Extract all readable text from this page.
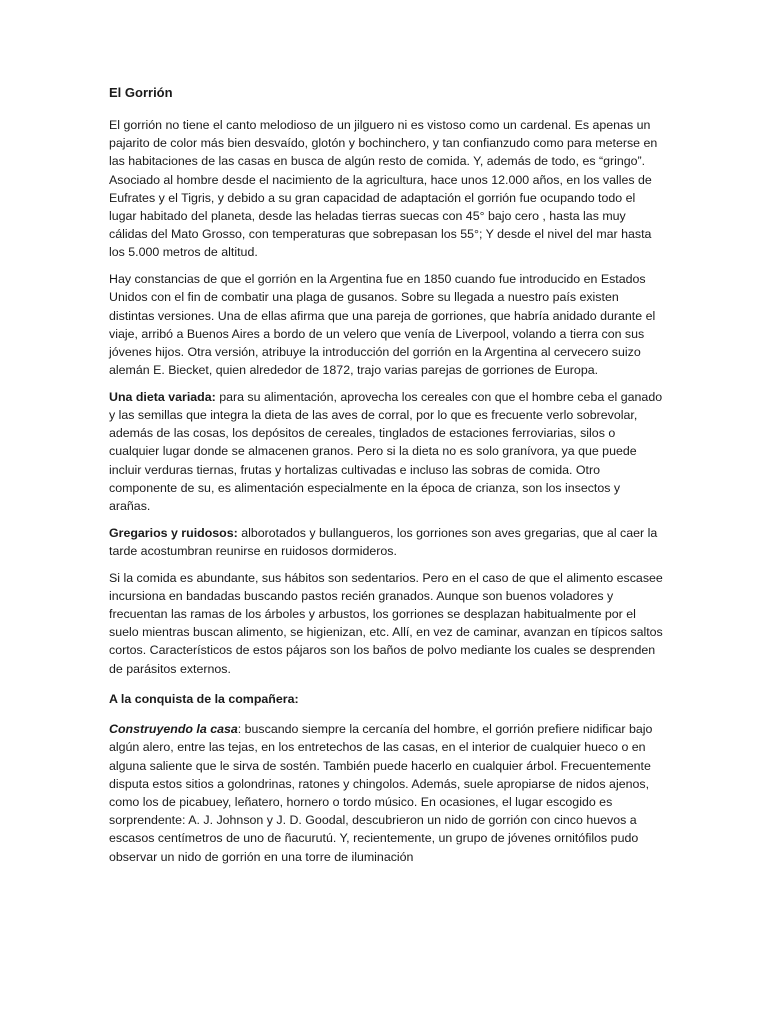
El Gorrión

El gorrión no tiene el canto melodioso de un jilguero ni es vistoso como un cardenal. Es apenas un pajarito de color más bien desvaído, glotón y bochinchero, y tan confianzudo como para meterse en las habitaciones de las casas en busca de algún resto de comida. Y, además de todo, es “gringo”. Asociado al hombre desde el nacimiento de la agricultura, hace unos 12.000 años, en los valles de Eufrates y el Tigris, y debido a su gran capacidad de adaptación el gorrión fue ocupando todo el lugar habitado del planeta, desde las heladas tierras suecas con 45° bajo cero , hasta las muy cálidas del Mato Grosso, con temperaturas que sobrepasan los 55°; Y desde el nivel del mar hasta los 5.000 metros de altitud.

Hay constancias de que el gorrión en la Argentina fue en 1850 cuando fue introducido en Estados Unidos con el fin de combatir una plaga de gusanos. Sobre su llegada a nuestro país existen distintas versiones. Una de ellas afirma que una pareja de gorriones, que habría anidado durante el viaje, arribó a Buenos Aires a bordo de un velero que venía de Liverpool, volando a tierra con sus jóvenes hijos. Otra versión, atribuye la introducción del gorrión en la Argentina al cervecero suizo alemán E. Biecket, quien alrededor de 1872, trajo varias parejas de gorriones de Europa.

Una dieta variada: para su alimentación, aprovecha los cereales con que el hombre ceba el ganado y las semillas que integra la dieta de las aves de corral, por lo que es frecuente verlo sobrevolar, además de las cosas, los depósitos de cereales, tinglados de estaciones ferroviarias, silos o cualquier lugar donde se almacenen granos. Pero si la dieta no es solo granívora, ya que puede incluir verduras tiernas, frutas y hortalizas cultivadas e incluso las sobras de comida. Otro componente de su, es alimentación especialmente en la época de crianza, son los insectos y arañas.

Gregarios y ruidosos: alborotados y bullangueros, los gorriones son aves gregarias, que al caer la tarde acostumbran reunirse en ruidosos dormideros.

Si la comida es abundante, sus hábitos son sedentarios. Pero en el caso de que el alimento escasee incursiona en bandadas buscando pastos recién granados. Aunque son buenos voladores y frecuentan las ramas de los árboles y arbustos, los gorriones se desplazan habitualmente por el suelo mientras buscan alimento, se higienizan, etc. Allí, en vez de caminar, avanzan en típicos saltos cortos. Característicos de estos pájaros son los baños de polvo mediante los cuales se desprenden de parásitos externos.

A la conquista de la compañera:

Construyendo la casa: buscando siempre la cercanía del hombre, el gorrión prefiere nidificar bajo algún alero, entre las tejas, en los entretechos de las casas, en el interior de cualquier hueco o en alguna saliente que le sirva de sostén. También puede hacerlo en cualquier árbol. Frecuentemente disputa estos sitios a golondrinas, ratones y chingolos. Además, suele apropiarse de nidos ajenos, como los de picabuey, leñatero, hornero o tordo músico. En ocasiones, el lugar escogido es sorprendente: A. J. Johnson y J. D. Goodal, descubrieron un nido de gorrión con cinco huevos a escasos centímetros de uno de ñacurutú. Y, recientemente, un grupo de jóvenes ornitófilos pudo observar un nido de gorrión en una torre de iluminación
